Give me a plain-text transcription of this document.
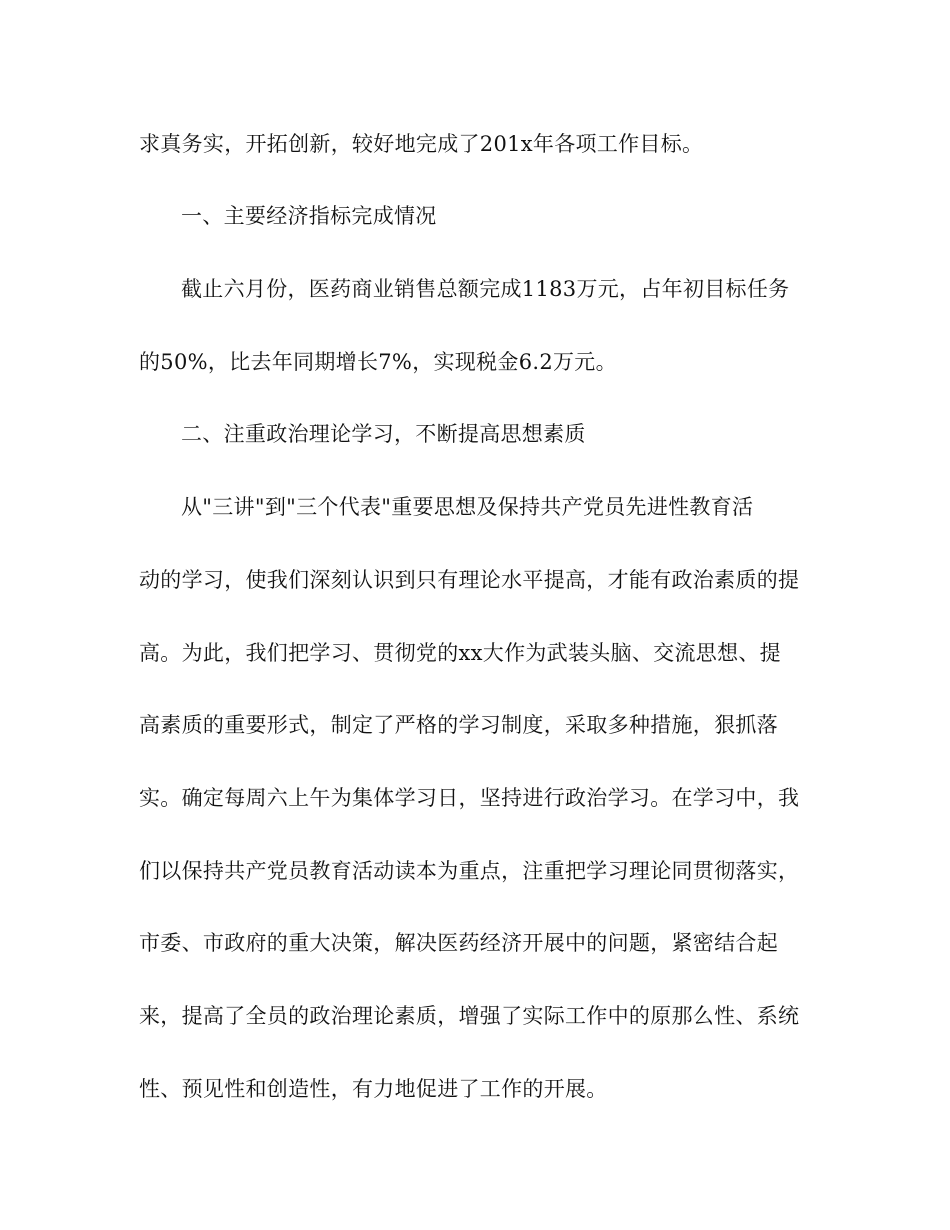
求真务实，开拓创新，较好地完成了201x年各项工作目标。
一、主要经济指标完成情况
截止六月份，医药商业销售总额完成1183万元，占年初目标任务
的50%，比去年同期增长7%，实现税金6.2万元。
二、注重政治理论学习，不断提高思想素质
从"三讲"到"三个代表"重要思想及保持共产党员先进性教育活
动的学习，使我们深刻认识到只有理论水平提高，才能有政治素质的提
高。为此，我们把学习、贯彻党的xx大作为武装头脑、交流思想、提
高素质的重要形式，制定了严格的学习制度，采取多种措施，狠抓落
实。确定每周六上午为集体学习日，坚持进行政治学习。在学习中，我
们以保持共产党员教育活动读本为重点，注重把学习理论同贯彻落实，
市委、市政府的重大决策，解决医药经济开展中的问题，紧密结合起
来，提高了全员的政治理论素质，增强了实际工作中的原那么性、系统
性、预见性和创造性，有力地促进了工作的开展。
